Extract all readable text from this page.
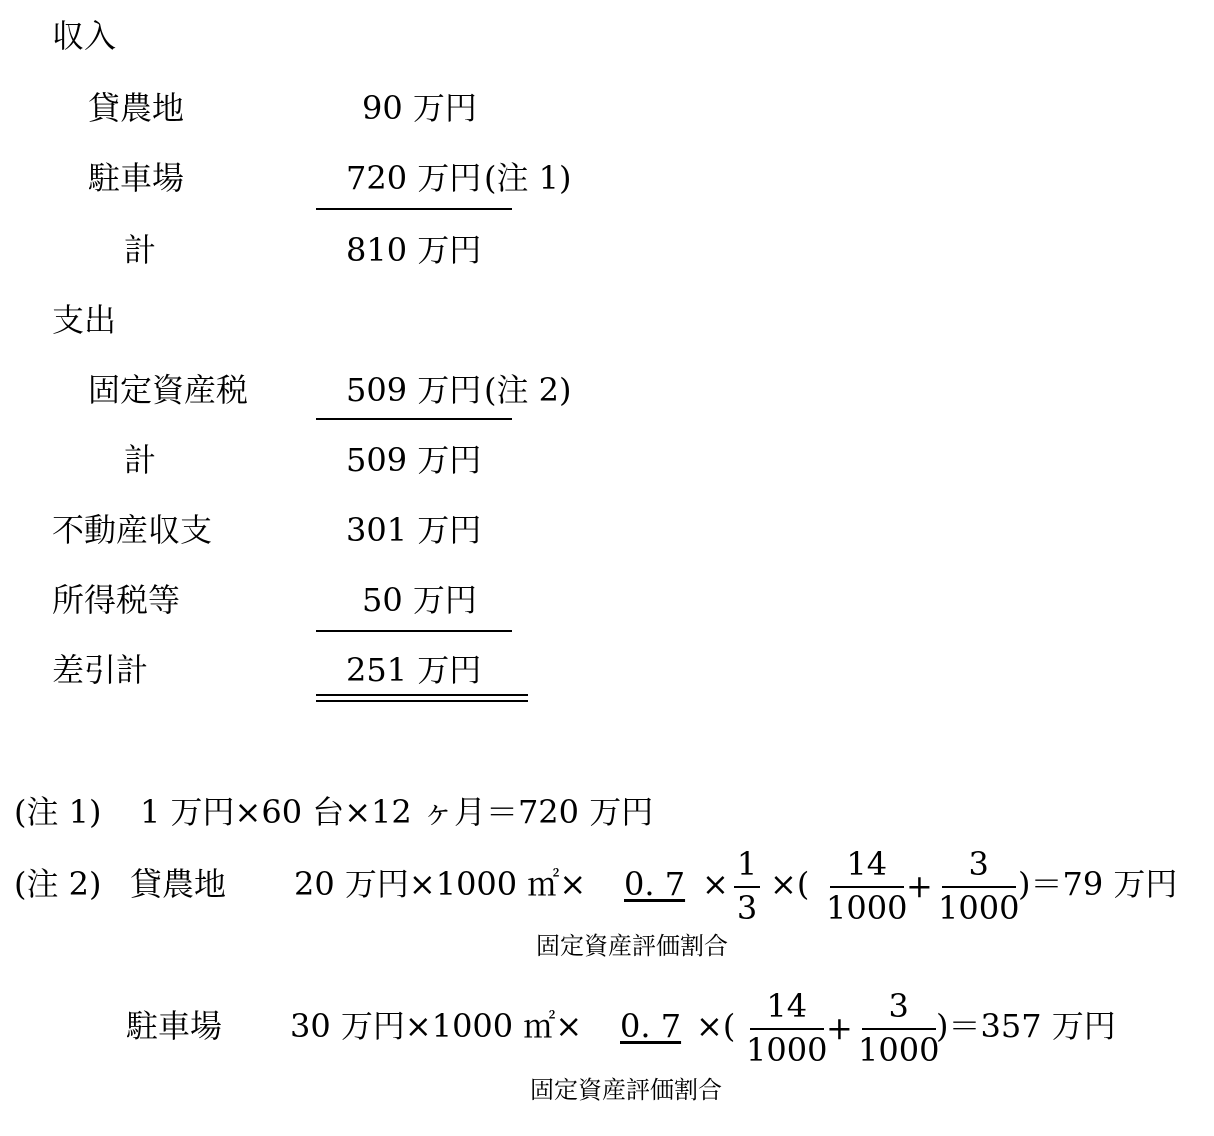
収入
貸農地	90 万円
駐車場	720 万円 (注 1)
計	810 万円
支出
固定資産税	509 万円 (注 2)
計	509 万円
不動産収支	301 万円
所得税等	50 万円
差引計	251 万円
(注 1) 1 万円×60 台×12 ヶ月＝720 万円
(注 2) 貸農地 20 万円×1000 ㎡× 0. 7 ×
1
3
×(
14
1000
+
3
1000
)＝79 万円
固定資産評価割合
駐車場 30 万円×1000 ㎡× 0. 7 ×(
14
1000
+
3
1000
)＝357 万円
固定資産評価割合
